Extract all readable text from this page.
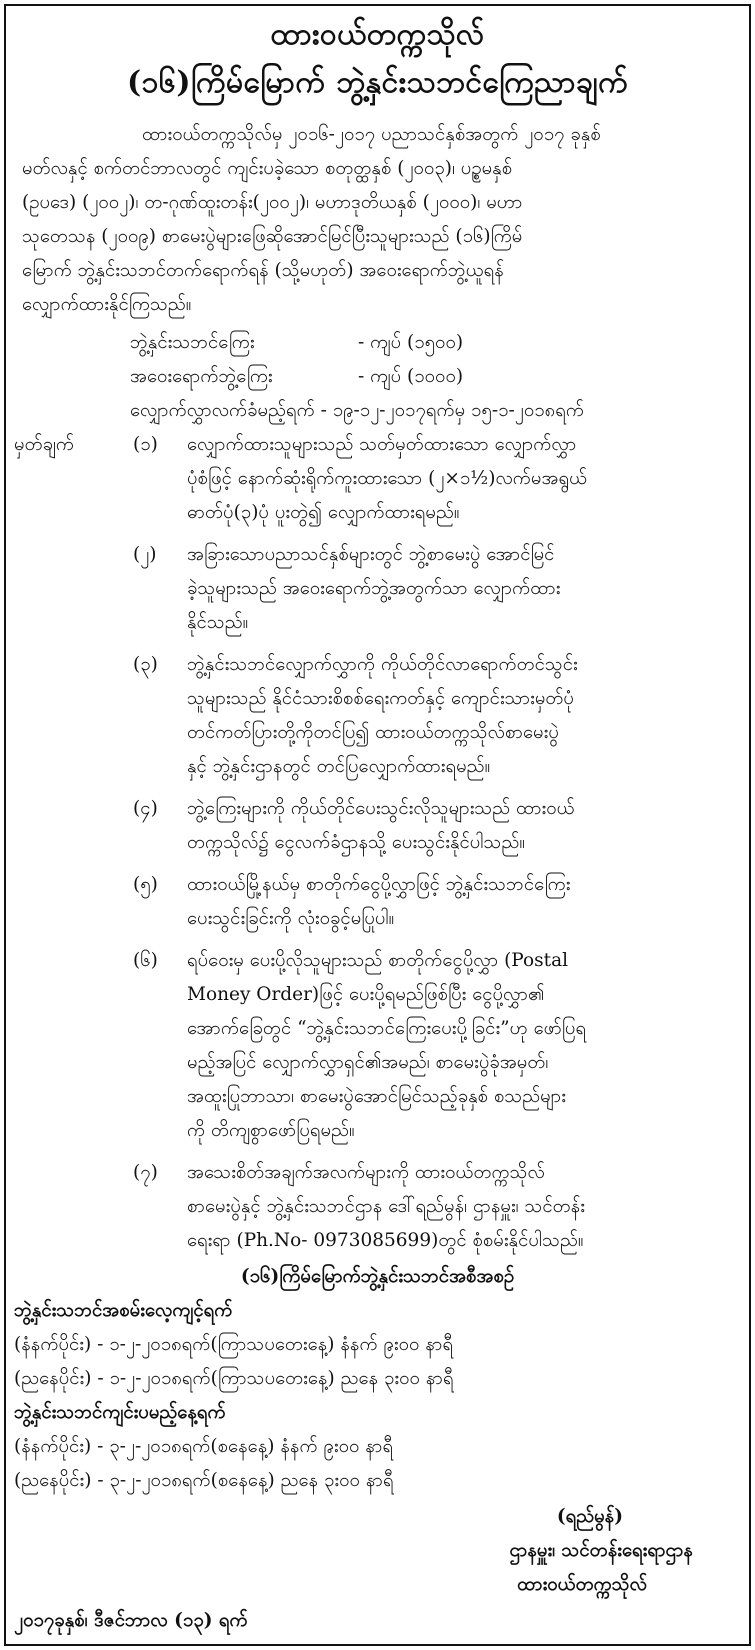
ထားဝယ်တက္ကသိုလ်
(၁၆)ကြိမ်မြောက် ဘွဲ့နှင်းသဘင်ကြေညာချက်
ထားဝယ်တက္ကသိုလ်မှ ၂၀၁၆-၂၀၁၇ ပညာသင်နှစ်အတွက် ၂၀၁၇ ခုနှစ်
မတ်လနှင့် စက်တင်ဘာလတွင် ကျင်းပခဲ့သော စတုတ္ထနှစ် (၂၀၀၃)၊ ပဉ္စမနှစ်
(ဥပဒေ) (၂၀၀၂)၊ တ-ဂုဏ်ထူးတန်း(၂၀၀၂)၊ မဟာဒုတိယနှစ် (၂၀၀၀)၊ မဟာ
သုတေသန (၂၀၀၉) စာမေးပွဲများဖြေဆိုအောင်မြင်ပြီးသူများသည် (၁၆)ကြိမ်
မြောက် ဘွဲ့နှင်းသဘင်တက်ရောက်ရန် (သို့မဟုတ်) အဝေးရောက်ဘွဲ့ယူရန်
လျှောက်ထားနိုင်ကြသည်။
ဘွဲ့နှင်းသဘင်ကြေး	- ကျပ် (၁၅၀၀)
အဝေးရောက်ဘွဲ့ကြေး	- ကျပ် (၁၀၀၀)
လျှောက်လွှာလက်ခံမည့်ရက် - ၁၉-၁၂-၂၀၁၇ရက်မှ ၁၅-၁-၂၀၁၈ရက်
မှတ်ချက်	(၁) လျှောက်ထားသူများသည် သတ်မှတ်ထားသော လျှောက်လွှာ
ပုံစံဖြင့် နောက်ဆုံးရိုက်ကူးထားသော (၂×၁½)လက်မအရွယ်
ဓာတ်ပုံ(၃)ပုံ ပူးတွဲ၍ လျှောက်ထားရမည်။
(၂) အခြားသောပညာသင်နှစ်များတွင် ဘွဲ့စာမေးပွဲ အောင်မြင်
ခဲ့သူများသည် အဝေးရောက်ဘွဲ့အတွက်သာ လျှောက်ထား
နိုင်သည်။
(၃) ဘွဲ့နှင်းသဘင်လျှောက်လွှာကို ကိုယ်တိုင်လာရောက်တင်သွင်း
သူများသည် နိုင်ငံသားစိစစ်ရေးကတ်နှင့် ကျောင်းသားမှတ်ပုံ
တင်ကတ်ပြားတို့ကိုတင်ပြ၍ ထားဝယ်တက္ကသိုလ်စာမေးပွဲ
နှင့် ဘွဲ့နှင်းဌာနတွင် တင်ပြလျှောက်ထားရမည်။
(၄) ဘွဲ့ကြေးများကို ကိုယ်တိုင်ပေးသွင်းလိုသူများသည် ထားဝယ်
တက္ကသိုလ်၌ ငွေလက်ခံဌာနသို့ ပေးသွင်းနိုင်ပါသည်။
(၅) ထားဝယ်မြို့နယ်မှ စာတိုက်ငွေပို့လွှာဖြင့် ဘွဲ့နှင်းသဘင်ကြေး
ပေးသွင်းခြင်းကို လုံးဝခွင့်မပြုပါ။
(၆) ရပ်ဝေးမှ ပေးပို့လိုသူများသည် စာတိုက်ငွေပို့လွှာ (Postal
Money Order)ဖြင့် ပေးပို့ရမည်ဖြစ်ပြီး ငွေပို့လွှာ၏
အောက်ခြေတွင် “ဘွဲ့နှင်းသဘင်ကြေးပေးပို့ခြင်း”ဟု ဖော်ပြရ
မည့်အပြင် လျှောက်လွှာရှင်၏အမည်၊ စာမေးပွဲခုံအမှတ်၊
အထူးပြုဘာသာ၊ စာမေးပွဲအောင်မြင်သည့်ခုနှစ် စသည်များ
ကို တိကျစွာဖော်ပြရမည်။
(၇) အသေးစိတ်အချက်အလက်များကို ထားဝယ်တက္ကသိုလ်
စာမေးပွဲနှင့် ဘွဲ့နှင်းသဘင်ဌာန ဒေါ်ရည်မွန်၊ ဌာနမှူး၊ သင်တန်း
ရေးရာ (Ph.No- 0973085699)တွင် စုံစမ်းနိုင်ပါသည်။
(၁၆)ကြိမ်မြောက်ဘွဲ့နှင်းသဘင်အစီအစဉ်
ဘွဲ့နှင်းသဘင်အစမ်းလေ့ကျင့်ရက်
(နံနက်ပိုင်း) - ၁-၂-၂၀၁၈ရက်(ကြာသပတေးနေ့) နံနက် ၉း၀၀ နာရီ
(ညနေပိုင်း) - ၁-၂-၂၀၁၈ရက်(ကြာသပတေးနေ့) ညနေ ၃း၀၀ နာရီ
ဘွဲ့နှင်းသဘင်ကျင်းပမည့်နေ့ရက်
(နံနက်ပိုင်း) - ၃-၂-၂၀၁၈ရက်(စနေနေ့) နံနက် ၉း၀၀ နာရီ
(ညနေပိုင်း) - ၃-၂-၂၀၁၈ရက်(စနေနေ့) ညနေ ၃း၀၀ နာရီ
(ရည်မွန်)
ဌာနမှူး၊ သင်တန်းရေးရာဌာန
ထားဝယ်တက္ကသိုလ်
၂၀၁၇ခုနှစ်၊ ဒီဇင်ဘာလ (၁၃) ရက်
